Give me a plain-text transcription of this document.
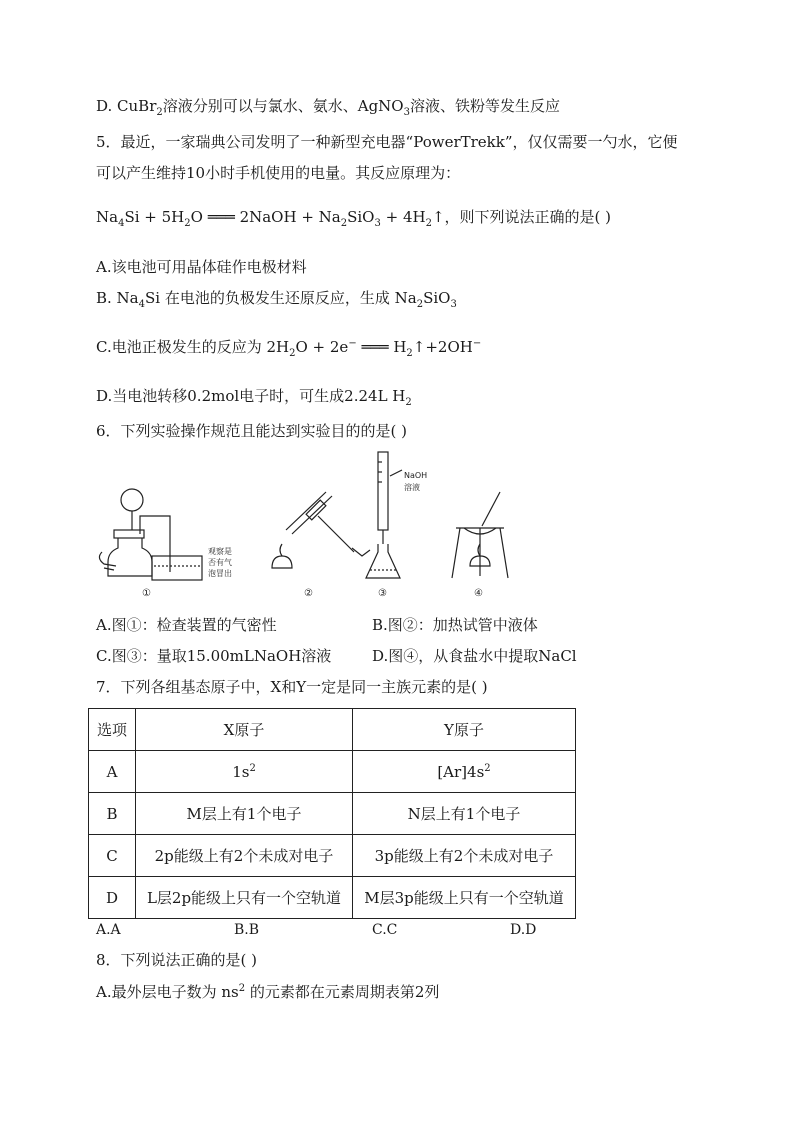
D. CuBr$_2$溶液分别可以与氯水、氨水、AgNO$_3$溶液、铁粉等发生反应
5．最近，一家瑞典公司发明了一种新型充电器“PowerTrekk”，仅仅需要一勺水，它便
可以产生维持10小时手机使用的电量。其反应原理为：
$Na_4Si + 5H_2O$ ═══ 2NaOH + $Na_2SiO_3$ + $4H_2↑$，则下列说法正确的是( )
A.该电池可用晶体硅作电极材料
B. $Na_4Si$ 在电池的负极发生还原反应，生成 $Na_2SiO_3$
C.电池正极发生的反应为 $2H_2O + 2e^-$ ═══ $H_2↑+2OH^-$
D.当电池转移0.2mol电子时，可生成2.24L $H_2$
6．下列实验操作规范且能达到实验目的的是( )
观察是
否有气
泡冒出
NaOH
溶液
①	②	③	④
A.图①：检查装置的气密性	B.图②：加热试管中液体
C.图③：量取15.00mLNaOH溶液	D.图④，从食盐水中提取NaCl
7．下列各组基态原子中，X和Y一定是同一主族元素的是( )
选项	X原子	Y原子
A	$1s^2$	$[Ar]4s^2$
B	M层上有1个电子	N层上有1个电子
C	2p能级上有2个未成对电子	3p能级上有2个未成对电子
D	L层2p能级上只有一个空轨道	M层3p能级上只有一个空轨道
A.A	B.B	C.C	D.D
8．下列说法正确的是( )
A.最外层电子数为 $ns^2$ 的元素都在元素周期表第2列
